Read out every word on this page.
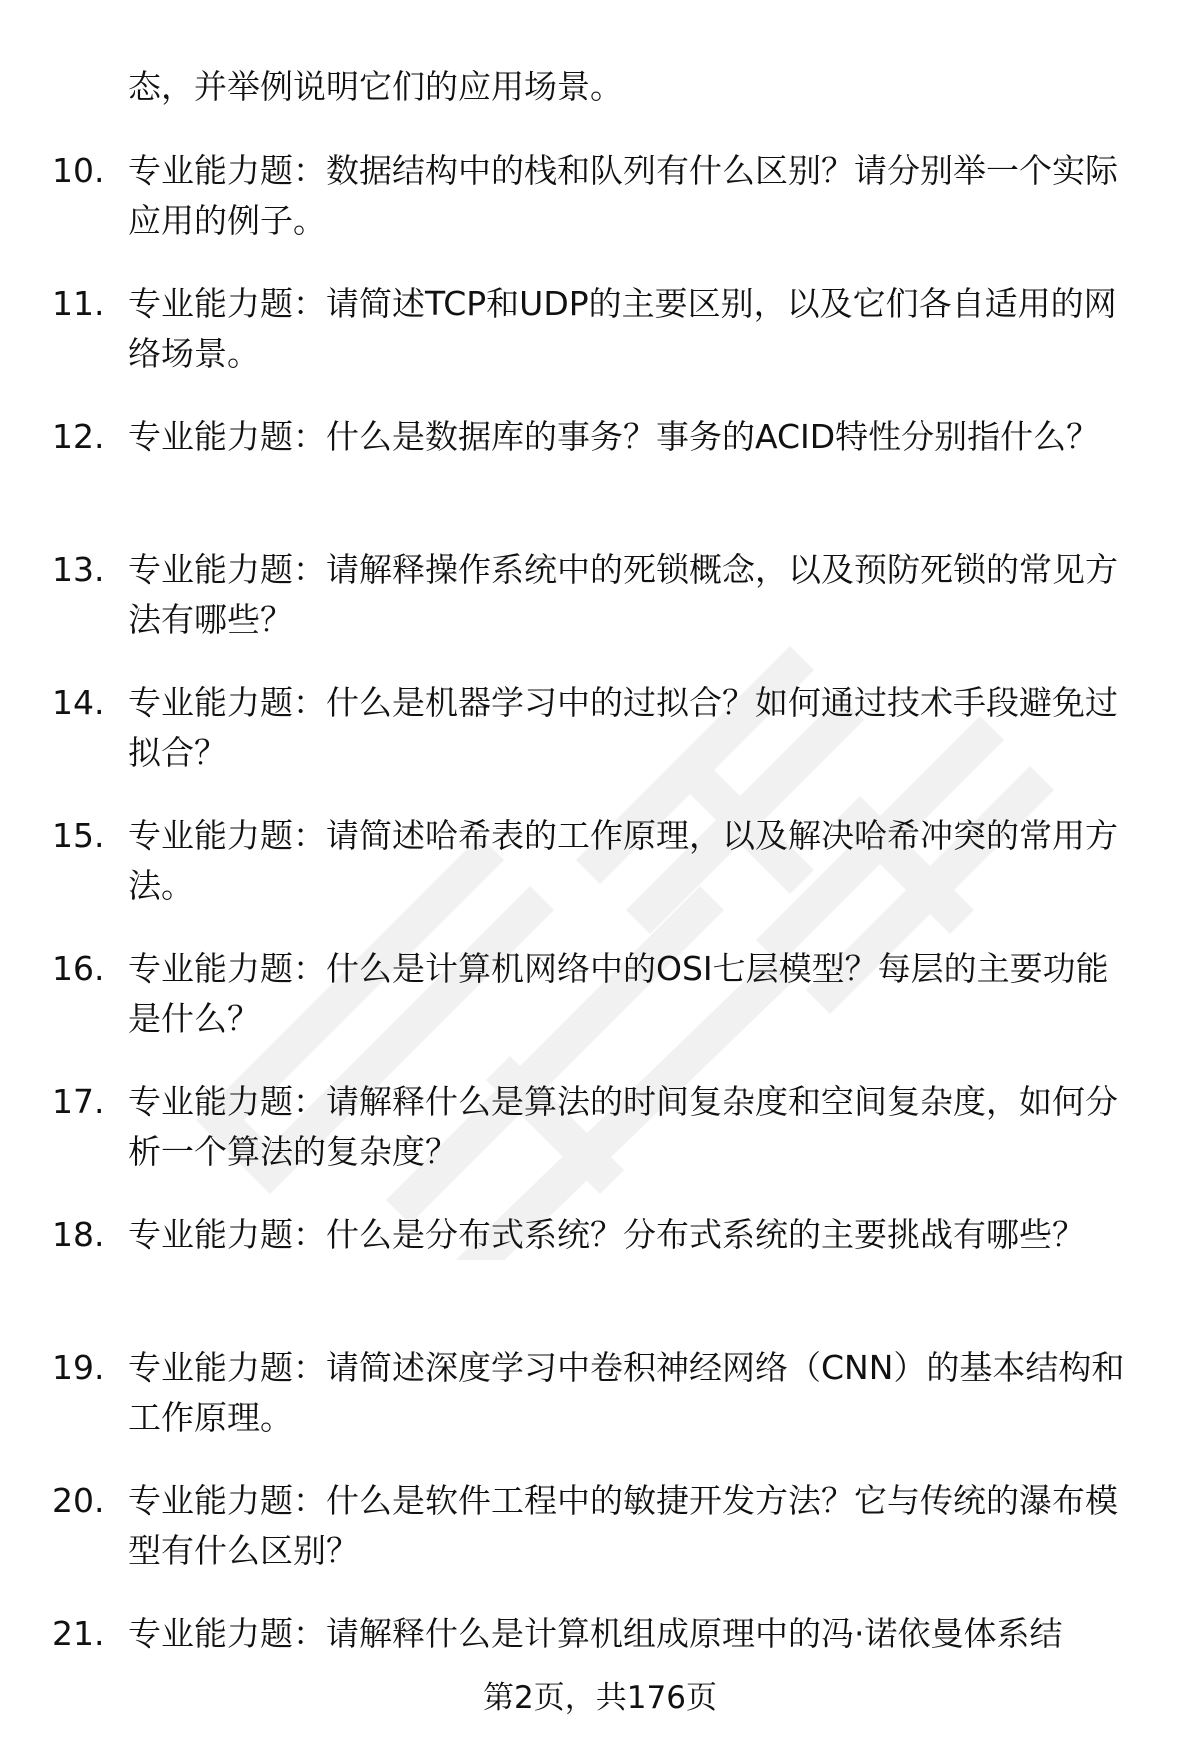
态，并举例说明它们的应用场景。

10. 专业能力题：数据结构中的栈和队列有什么区别？请分别举一个实际应用的例子。
11. 专业能力题：请简述TCP和UDP的主要区别，以及它们各自适用的网络场景。
12. 专业能力题：什么是数据库的事务？事务的ACID特性分别指什么？
13. 专业能力题：请解释操作系统中的死锁概念，以及预防死锁的常见方法有哪些？
14. 专业能力题：什么是机器学习中的过拟合？如何通过技术手段避免过拟合？
15. 专业能力题：请简述哈希表的工作原理，以及解决哈希冲突的常用方法。
16. 专业能力题：什么是计算机网络中的OSI七层模型？每层的主要功能是什么？
17. 专业能力题：请解释什么是算法的时间复杂度和空间复杂度，如何分析一个算法的复杂度？
18. 专业能力题：什么是分布式系统？分布式系统的主要挑战有哪些？
19. 专业能力题：请简述深度学习中卷积神经网络（CNN）的基本结构和工作原理。
20. 专业能力题：什么是软件工程中的敏捷开发方法？它与传统的瀑布模型有什么区别？
21. 专业能力题：请解释什么是计算机组成原理中的冯·诺依曼体系结

第2页，共176页
